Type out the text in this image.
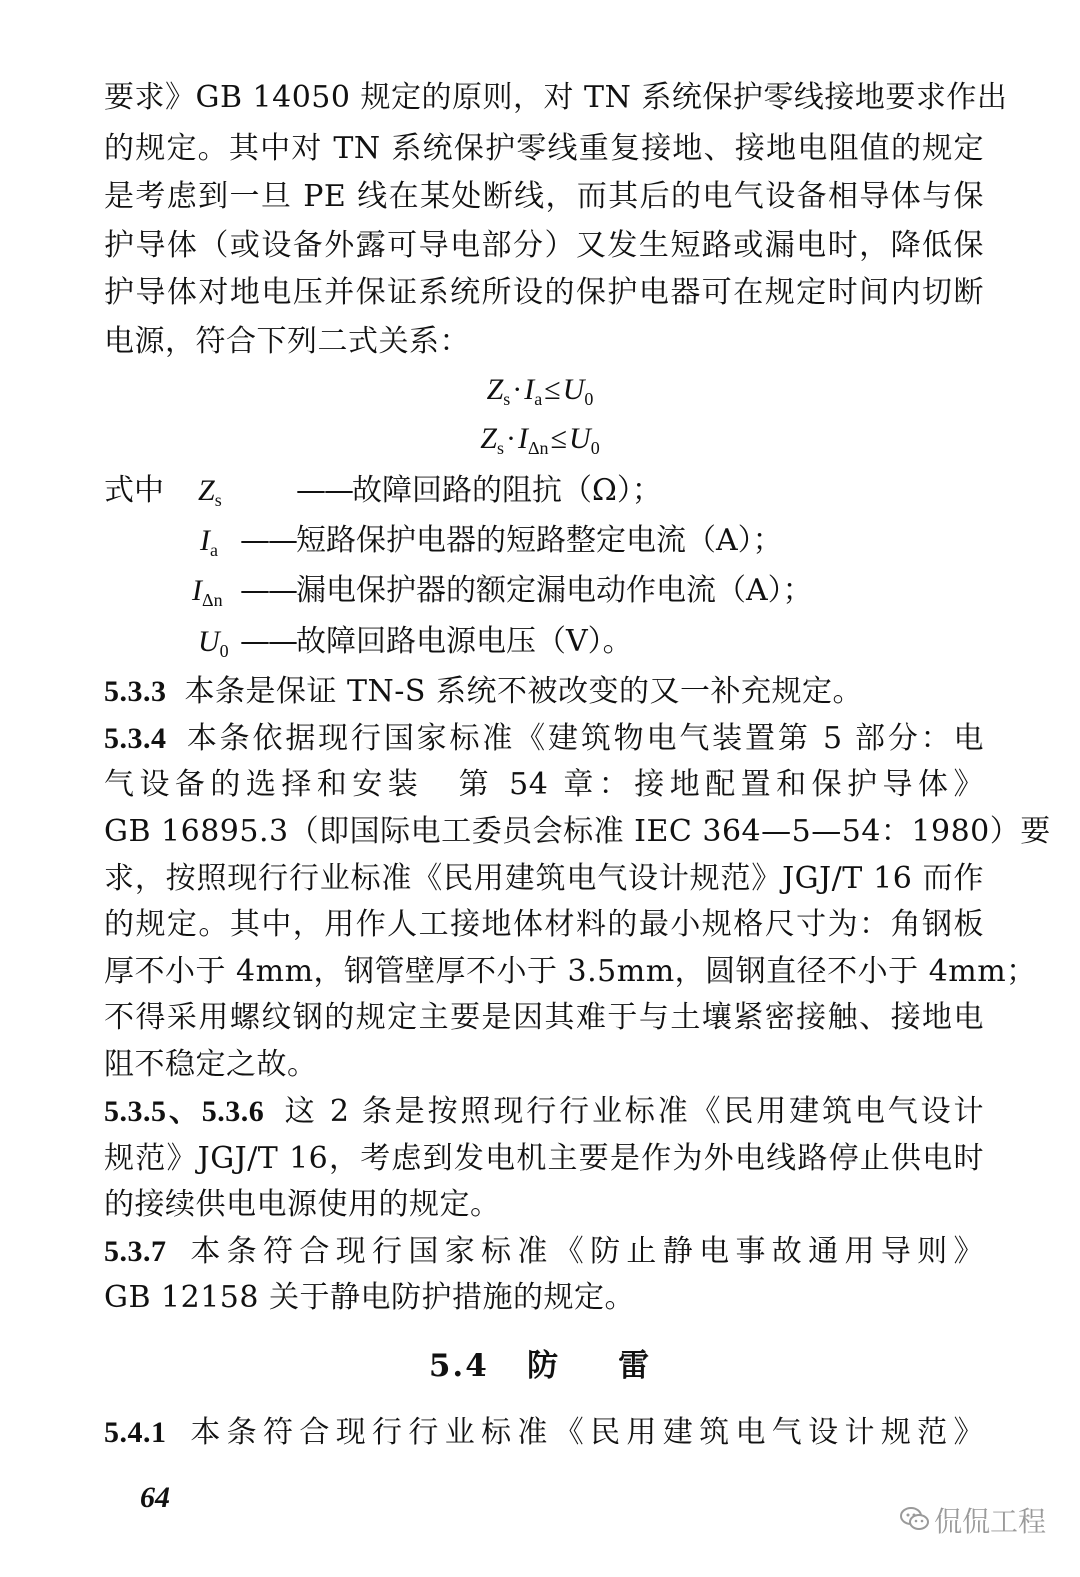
要求》GB 14050 规定的原则，对 TN 系统保护零线接地要求作出
的规定。其中对 TN 系统保护零线重复接地、接地电阻值的规定
是考虑到一旦 PE 线在某处断线，而其后的电气设备相导体与保
护导体（或设备外露可导电部分）又发生短路或漏电时，降低保
护导体对地电压并保证系统所设的保护电器可在规定时间内切断
电源，符合下列二式关系：
$Z_s\cdot I_a\le U_0$
$Z_s\cdot I_{\Delta n}\le U_0$
式中 $Z_s$ ——故障回路的阻抗（Ω）；
$I_a$ ——短路保护电器的短路整定电流（A）；
$I_{\Delta n}$ ——漏电保护器的额定漏电动作电流（A）；
$U_0$ ——故障回路电源电压（V）。
5.3.3 本条是保证 TN-S 系统不被改变的又一补充规定。
5.3.4 本条依据现行国家标准《建筑物电气装置第 5 部分：电
气设备的选择和安装　第 54 章：接地配置和保护导体》
GB 16895.3（即国际电工委员会标准 IEC 364—5—54：1980）要
求，按照现行行业标准《民用建筑电气设计规范》JGJ/T 16 而作
的规定。其中，用作人工接地体材料的最小规格尺寸为：角钢板
厚不小于 4mm，钢管壁厚不小于 3.5mm，圆钢直径不小于 4mm；
不得采用螺纹钢的规定主要是因其难于与土壤紧密接触、接地电
阻不稳定之故。
5.3.5、5.3.6 这 2 条是按照现行行业标准《民用建筑电气设计
规范》JGJ/T 16，考虑到发电机主要是作为外电线路停止供电时
的接续供电电源使用的规定。
5.3.7 本条符合现行国家标准《防止静电事故通用导则》
GB 12158 关于静电防护措施的规定。
5.4 防 雷
5.4.1 本条符合现行行业标准《民用建筑电气设计规范》
64
侃侃工程
